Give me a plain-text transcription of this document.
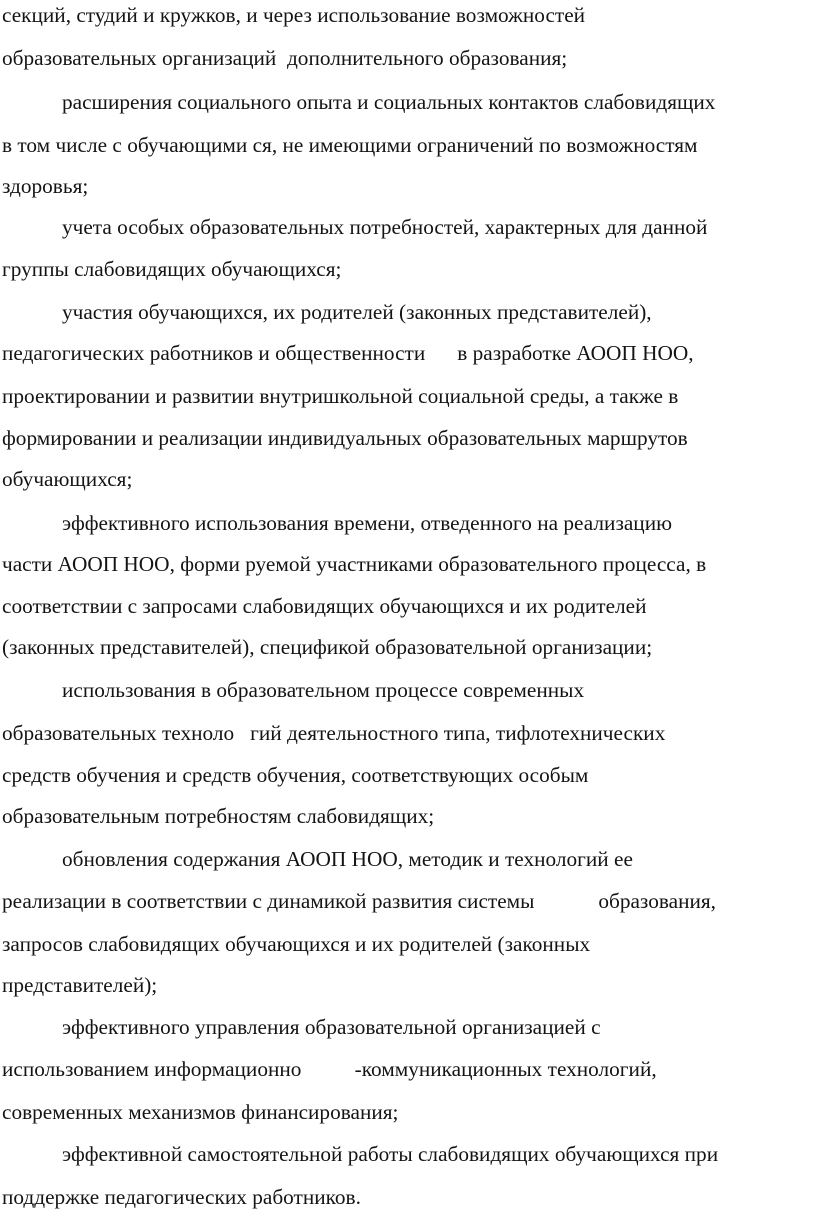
секций, студий и кружков, и через использование возможностей
образовательных организаций  дополнительного образования;
расширения социального опыта и социальных контактов слабовидящих
в том числе с обучающими ся, не имеющими ограничений по возможностям
здоровья;
учета особых образовательных потребностей, характерных для данной
группы слабовидящих обучающихся;
участия обучающихся, их родителей (законных представителей),
педагогических работников и общественности      в разработке АООП НОО,
проектировании и развитии внутришкольной социальной среды, а также в
формировании и реализации индивидуальных образовательных маршрутов
обучающихся;
эффективного использования времени, отведенного на реализацию
части АООП НОО, форми руемой участниками образовательного процесса, в
соответствии с запросами слабовидящих обучающихся и их родителей
(законных представителей), спецификой образовательной организации;
использования в образовательном процессе современных
образовательных техноло   гий деятельностного типа, тифлотехнических
средств обучения и средств обучения, соответствующих особым
образовательным потребностям слабовидящих;
обновления содержания АООП НОО, методик и технологий ее
реализации в соответствии с динамикой развития системы            образования,
запросов слабовидящих обучающихся и их родителей (законных
представителей);
эффективного управления образовательной организацией с
использованием информационно          -коммуникационных технологий,
современных механизмов финансирования;
эффективной самостоятельной работы слабовидящих обучающихся при
поддержке педагогических работников.
